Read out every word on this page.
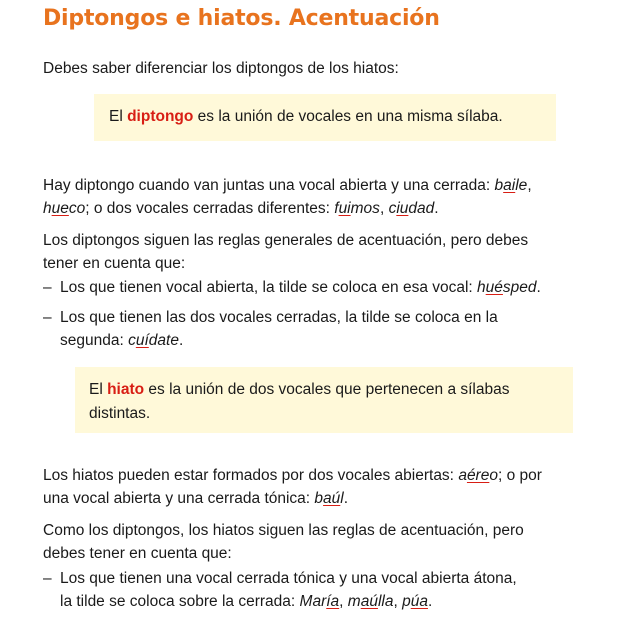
Diptongos e hiatos. Acentuación
Debes saber diferenciar los diptongos de los hiatos:
El diptongo es la unión de vocales en una misma sílaba.
Hay diptongo cuando van juntas una vocal abierta y una cerrada: baile,
hueco; o dos vocales cerradas diferentes: fuimos, ciudad.
Los diptongos siguen las reglas generales de acentuación, pero debes
tener en cuenta que:
– Los que tienen vocal abierta, la tilde se coloca en esa vocal: huésped.
– Los que tienen las dos vocales cerradas, la tilde se coloca en la
segunda: cuídate.
El hiato es la unión de dos vocales que pertenecen a sílabas
distintas.
Los hiatos pueden estar formados por dos vocales abiertas: aéreo; o por
una vocal abierta y una cerrada tónica: baúl.
Como los diptongos, los hiatos siguen las reglas de acentuación, pero
debes tener en cuenta que:
– Los que tienen una vocal cerrada tónica y una vocal abierta átona,
la tilde se coloca sobre la cerrada: María, maúlla, púa.
